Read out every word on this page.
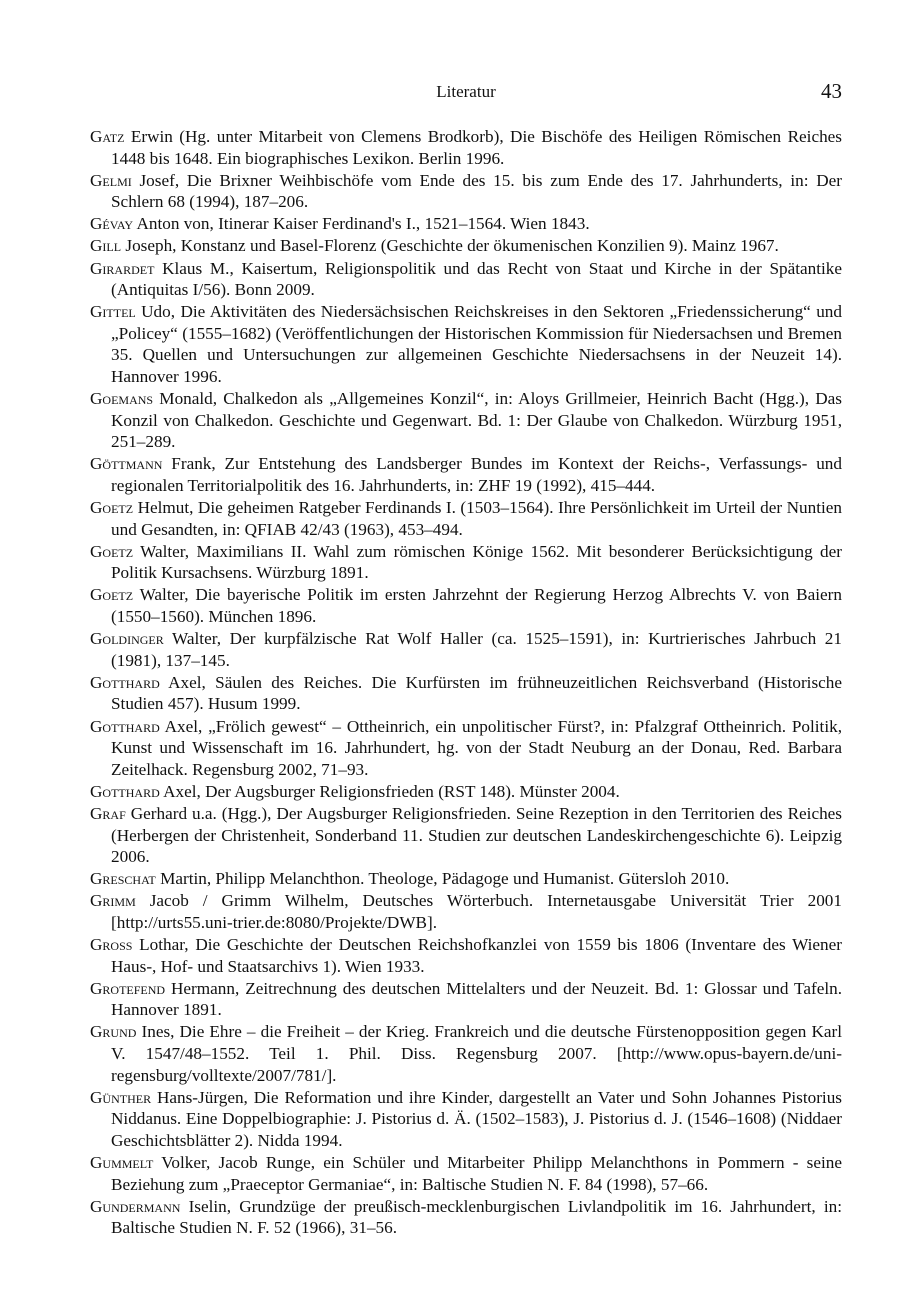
Literatur	43

Gatz Erwin (Hg. unter Mitarbeit von Clemens Brodkorb), Die Bischöfe des Heiligen Römischen Reiches 1448 bis 1648. Ein biographisches Lexikon. Berlin 1996.

Gelmi Josef, Die Brixner Weihbischöfe vom Ende des 15. bis zum Ende des 17. Jahrhunderts, in: Der Schlern 68 (1994), 187–206.

Gévay Anton von, Itinerar Kaiser Ferdinand's I., 1521–1564. Wien 1843.

Gill Joseph, Konstanz und Basel-Florenz (Geschichte der ökumenischen Konzilien 9). Mainz 1967.

Girardet Klaus M., Kaisertum, Religionspolitik und das Recht von Staat und Kirche in der Spätantike (Antiquitas I/56). Bonn 2009.

Gittel Udo, Die Aktivitäten des Niedersächsischen Reichskreises in den Sektoren „Friedenssicherung“ und „Policey“ (1555–1682) (Veröffentlichungen der Historischen Kommission für Niedersachsen und Bremen 35. Quellen und Untersuchungen zur allgemeinen Geschichte Niedersachsens in der Neuzeit 14). Hannover 1996.

Goemans Monald, Chalkedon als „Allgemeines Konzil“, in: Aloys Grillmeier, Heinrich Bacht (Hgg.), Das Konzil von Chalkedon. Geschichte und Gegenwart. Bd. 1: Der Glaube von Chalkedon. Würzburg 1951, 251–289.

Göttmann Frank, Zur Entstehung des Landsberger Bundes im Kontext der Reichs-, Verfassungs- und regionalen Territorialpolitik des 16. Jahrhunderts, in: ZHF 19 (1992), 415–444.

Goetz Helmut, Die geheimen Ratgeber Ferdinands I. (1503–1564). Ihre Persönlichkeit im Urteil der Nuntien und Gesandten, in: QFIAB 42/43 (1963), 453–494.

Goetz Walter, Maximilians II. Wahl zum römischen Könige 1562. Mit besonderer Berücksichtigung der Politik Kursachsens. Würzburg 1891.

Goetz Walter, Die bayerische Politik im ersten Jahrzehnt der Regierung Herzog Albrechts V. von Baiern (1550–1560). München 1896.

Goldinger Walter, Der kurpfälzische Rat Wolf Haller (ca. 1525–1591), in: Kurtrierisches Jahrbuch 21 (1981), 137–145.

Gotthard Axel, Säulen des Reiches. Die Kurfürsten im frühneuzeitlichen Reichsverband (Historische Studien 457). Husum 1999.

Gotthard Axel, „Frölich gewest“ – Ottheinrich, ein unpolitischer Fürst?, in: Pfalzgraf Ottheinrich. Politik, Kunst und Wissenschaft im 16. Jahrhundert, hg. von der Stadt Neuburg an der Donau, Red. Barbara Zeitelhack. Regensburg 2002, 71–93.

Gotthard Axel, Der Augsburger Religionsfrieden (RST 148). Münster 2004.

Graf Gerhard u.a. (Hgg.), Der Augsburger Religionsfrieden. Seine Rezeption in den Territorien des Reiches (Herbergen der Christenheit, Sonderband 11. Studien zur deutschen Landeskirchengeschichte 6). Leipzig 2006.

Greschat Martin, Philipp Melanchthon. Theologe, Pädagoge und Humanist. Gütersloh 2010.

Grimm Jacob / Grimm Wilhelm, Deutsches Wörterbuch. Internetausgabe Universität Trier 2001 [http://urts55.uni-trier.de:8080/Projekte/DWB].

Gross Lothar, Die Geschichte der Deutschen Reichshofkanzlei von 1559 bis 1806 (Inventare des Wiener Haus-, Hof- und Staatsarchivs 1). Wien 1933.

Grotefend Hermann, Zeitrechnung des deutschen Mittelalters und der Neuzeit. Bd. 1: Glossar und Tafeln. Hannover 1891.

Grund Ines, Die Ehre – die Freiheit – der Krieg. Frankreich und die deutsche Fürstenopposition gegen Karl V. 1547/48–1552. Teil 1. Phil. Diss. Regensburg 2007. [http://www.opus-bayern.de/uni-regensburg/volltexte/2007/781/].

Günther Hans-Jürgen, Die Reformation und ihre Kinder, dargestellt an Vater und Sohn Johannes Pistorius Niddanus. Eine Doppelbiographie: J. Pistorius d. Ä. (1502–1583), J. Pistorius d. J. (1546–1608) (Niddaer Geschichtsblätter 2). Nidda 1994.

Gummelt Volker, Jacob Runge, ein Schüler und Mitarbeiter Philipp Melanchthons in Pommern - seine Beziehung zum „Praeceptor Germaniae“, in: Baltische Studien N. F. 84 (1998), 57–66.

Gundermann Iselin, Grundzüge der preußisch-mecklenburgischen Livlandpolitik im 16. Jahrhundert, in: Baltische Studien N. F. 52 (1966), 31–56.
